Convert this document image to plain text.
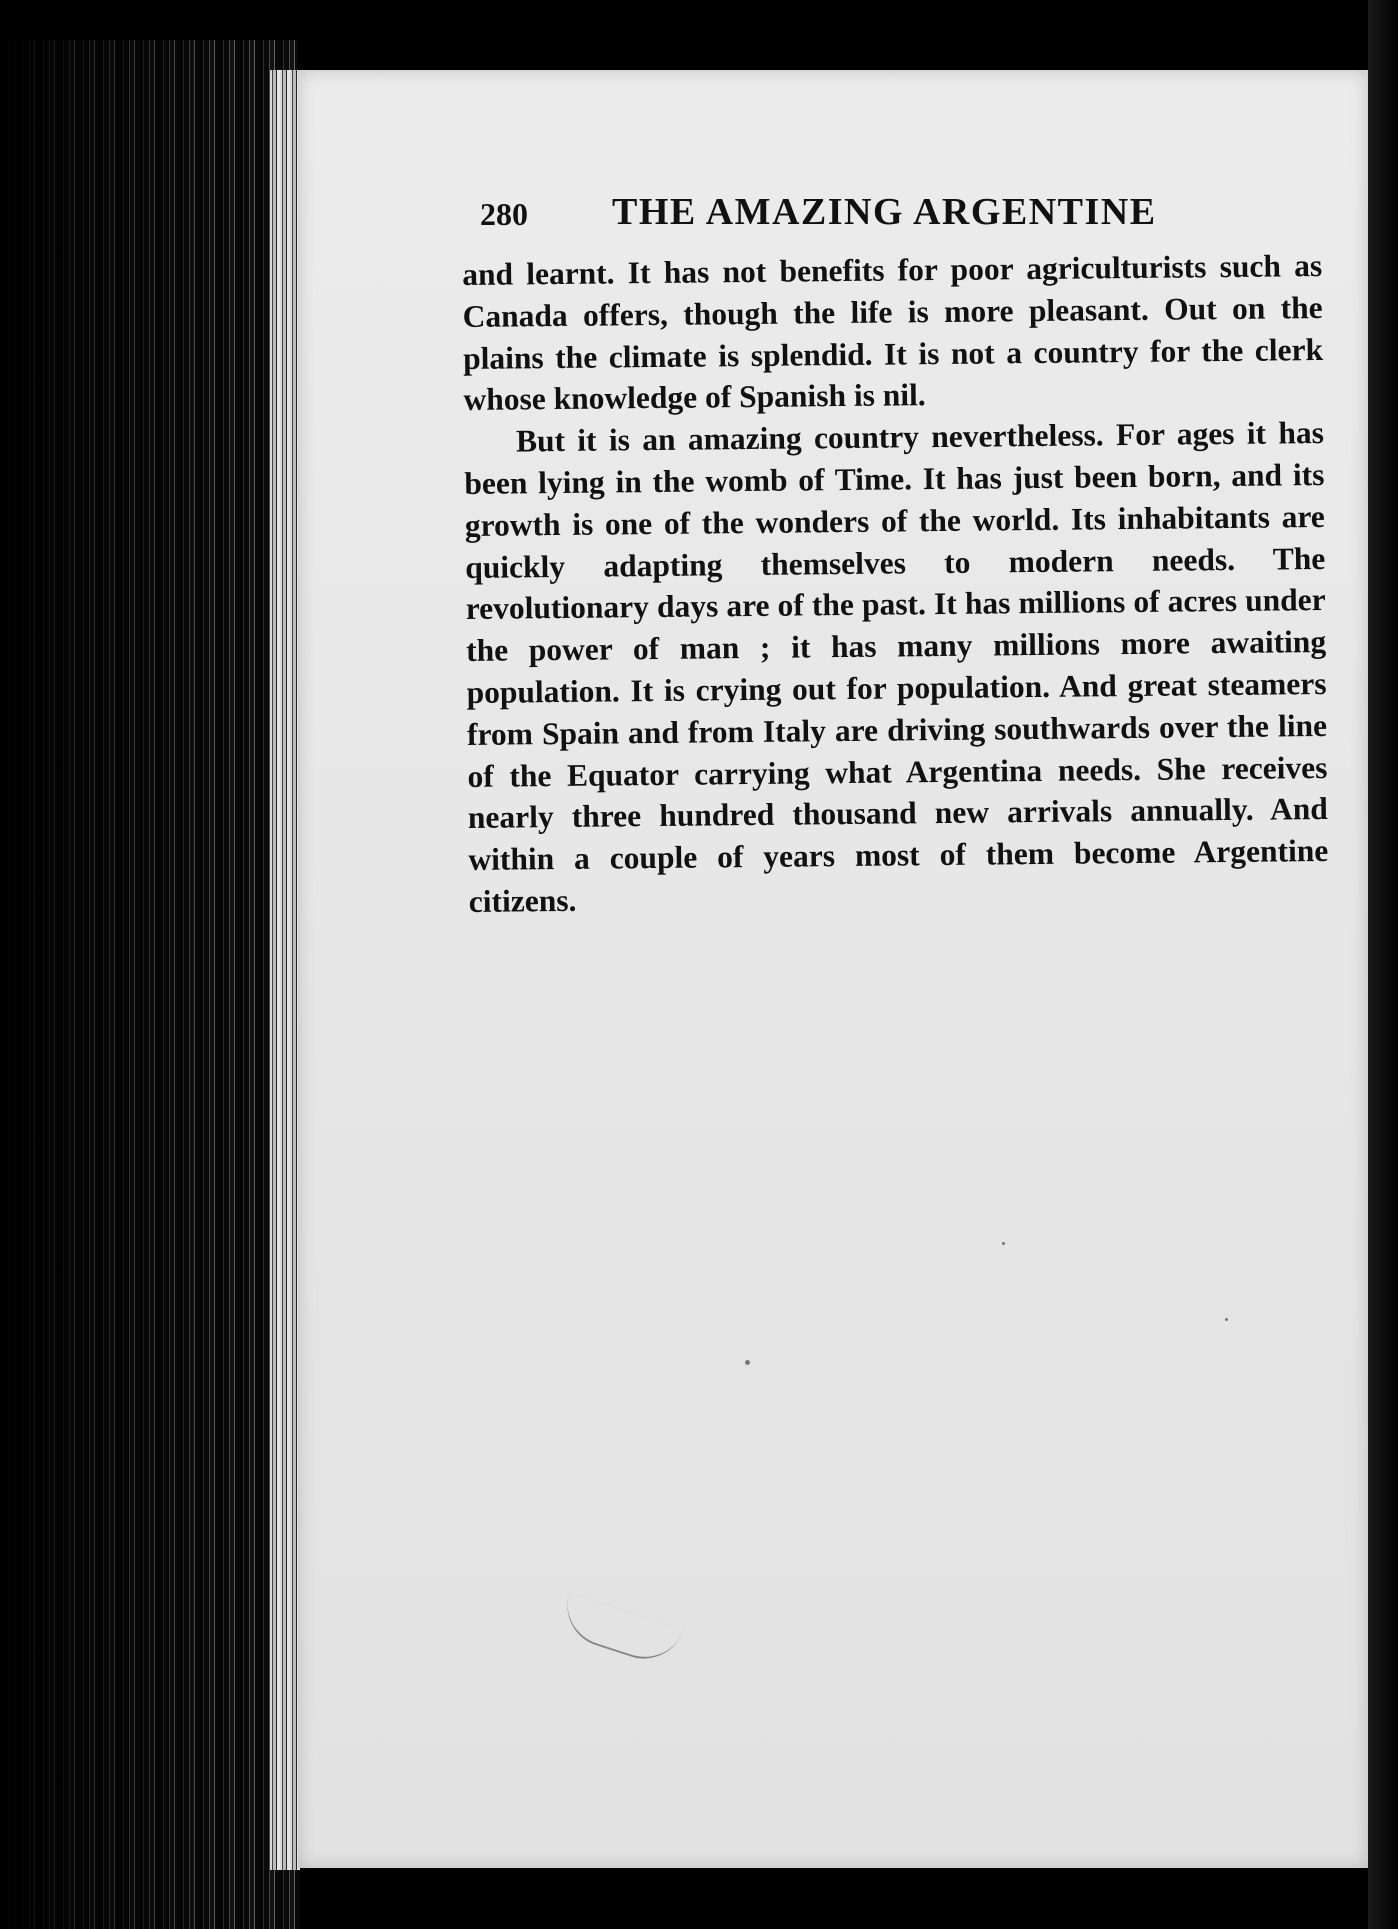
280 THE AMAZING ARGENTINE

and learnt. It has not benefits for poor agriculturists such as Canada offers, though the life is more pleasant. Out on the plains the climate is splendid. It is not a country for the clerk whose knowledge of Spanish is nil.

But it is an amazing country nevertheless. For ages it has been lying in the womb of Time. It has just been born, and its growth is one of the wonders of the world. Its inhabitants are quickly adapting themselves to modern needs. The revolutionary days are of the past. It has millions of acres under the power of man ; it has many millions more awaiting population. It is crying out for population. And great steamers from Spain and from Italy are driving southwards over the line of the Equator carrying what Argentina needs. She receives nearly three hundred thousand new arrivals annually. And within a couple of years most of them become Argentine citizens.
